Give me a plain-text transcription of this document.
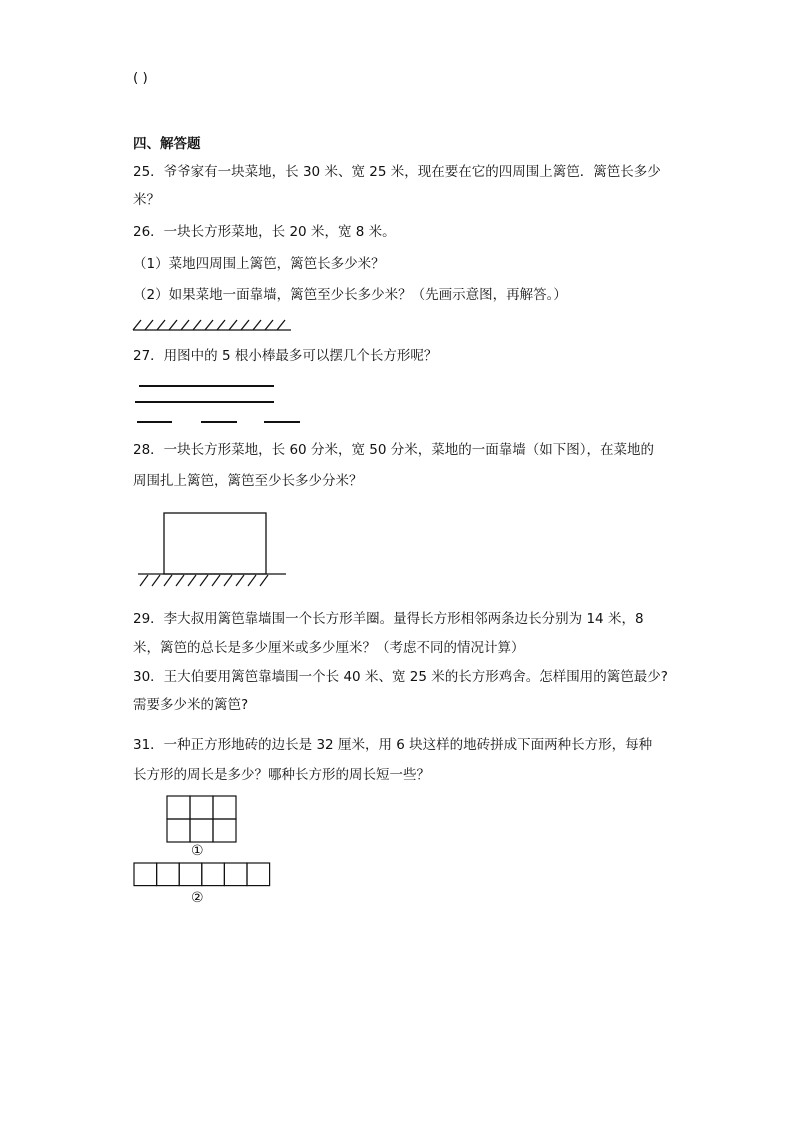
( )
四、解答题
25．爷爷家有一块菜地，长 30 米、宽 25 米，现在要在它的四周围上篱笆．篱笆长多少
米？
26．一块长方形菜地，长 20 米，宽 8 米。
（1）菜地四周围上篱笆，篱笆长多少米？
（2）如果菜地一面靠墙，篱笆至少长多少米？（先画示意图，再解答。）
27．用图中的 5 根小棒最多可以摆几个长方形呢？
28．一块长方形菜地，长 60 分米，宽 50 分米，菜地的一面靠墙（如下图），在菜地的
周围扎上篱笆，篱笆至少长多少分米？
29．李大叔用篱笆靠墙围一个长方形羊圈。量得长方形相邻两条边长分别为 14 米，8
米，篱笆的总长是多少厘米或多少厘米？（考虑不同的情况计算）
30．王大伯要用篱笆靠墙围一个长 40 米、宽 25 米的长方形鸡舍。怎样围用的篱笆最少?
需要多少米的篱笆?
31．一种正方形地砖的边长是 32 厘米，用 6 块这样的地砖拼成下面两种长方形，每种
长方形的周长是多少？哪种长方形的周长短一些？
①
②
